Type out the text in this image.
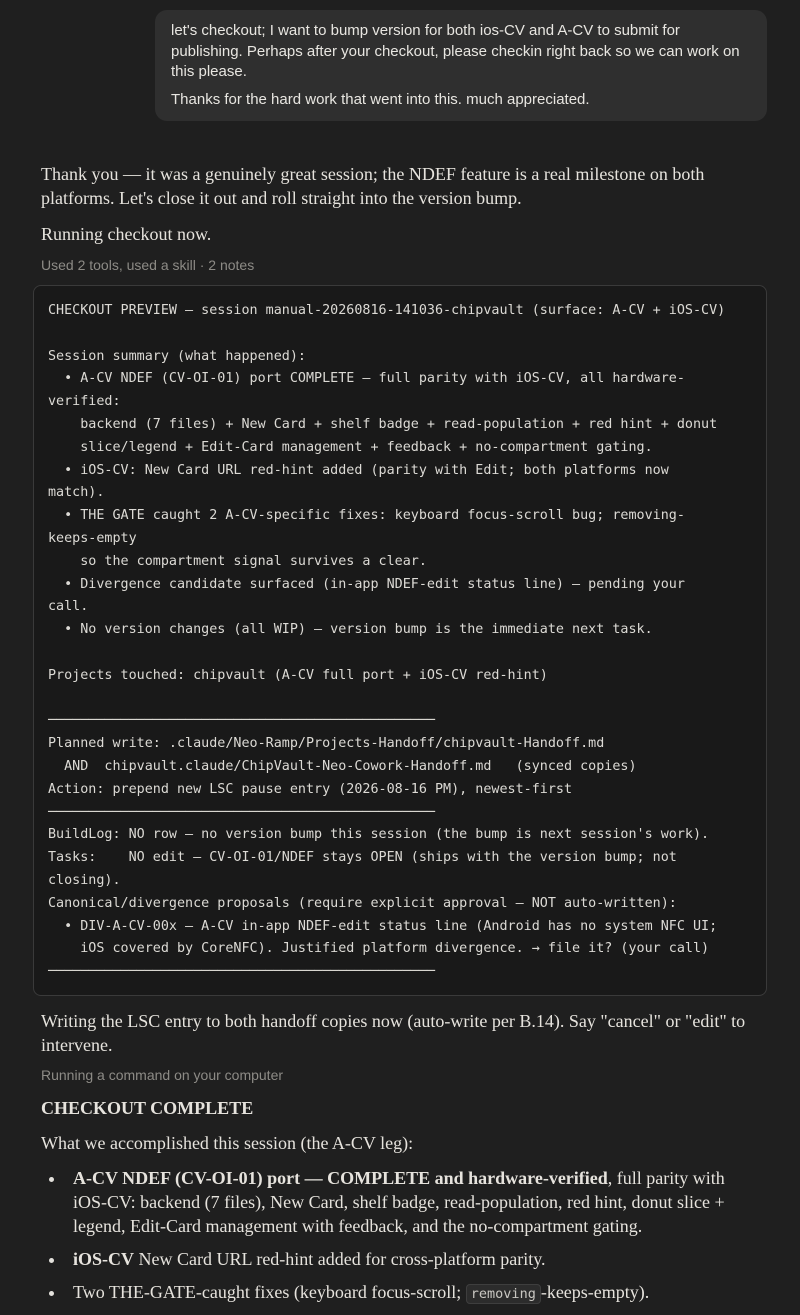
let's checkout; I want to bump version for both ios-CV and A-CV to submit for publishing. Perhaps after your checkout, please checkin right back so we can work on this please.

Thanks for the hard work that went into this. much appreciated.

Thank you — it was a genuinely great session; the NDEF feature is a real milestone on both platforms. Let's close it out and roll straight into the version bump.
Running checkout now.
Used 2 tools, used a skill · 2 notes
CHECKOUT PREVIEW — session manual-20260816-141036-chipvault (surface: A-CV + iOS-CV)

Session summary (what happened):
• A-CV NDEF (CV-OI-01) port COMPLETE — full parity with iOS-CV, all hardware-
verified:
backend (7 files) + New Card + shelf badge + read-population + red hint + donut
slice/legend + Edit-Card management + feedback + no-compartment gating.
• iOS-CV: New Card URL red-hint added (parity with Edit; both platforms now
match).
• THE GATE caught 2 A-CV-specific fixes: keyboard focus-scroll bug; removing-
keeps-empty
so the compartment signal survives a clear.
• Divergence candidate surfaced (in-app NDEF-edit status line) — pending your
call.
• No version changes (all WIP) — version bump is the immediate next task.

Projects touched: chipvault (A-CV full port + iOS-CV red-hint)

────────────────────────────────────────────────
Planned write: .claude/Neo-Ramp/Projects-Handoff/chipvault-Handoff.md
AND  chipvault.claude/ChipVault-Neo-Cowork-Handoff.md   (synced copies)
Action: prepend new LSC pause entry (2026-08-16 PM), newest-first
────────────────────────────────────────────────
BuildLog: NO row — no version bump this session (the bump is next session's work).
Tasks:    NO edit — CV-OI-01/NDEF stays OPEN (ships with the version bump; not
closing).
Canonical/divergence proposals (require explicit approval — NOT auto-written):
• DIV-A-CV-00x — A-CV in-app NDEF-edit status line (Android has no system NFC UI;
iOS covered by CoreNFC). Justified platform divergence. → file it? (your call)
────────────────────────────────────────────────
Writing the LSC entry to both handoff copies now (auto-write per B.14). Say "cancel" or "edit" to intervene.
Running a command on your computer
CHECKOUT COMPLETE
What we accomplished this session (the A-CV leg):
A-CV NDEF (CV-OI-01) port — COMPLETE and hardware-verified, full parity with iOS-CV: backend (7 files), New Card, shelf badge, read-population, red hint, donut slice + legend, Edit-Card management with feedback, and the no-compartment gating.
iOS-CV New Card URL red-hint added for cross-platform parity.
Two THE-GATE-caught fixes (keyboard focus-scroll; removing -keeps-empty).
